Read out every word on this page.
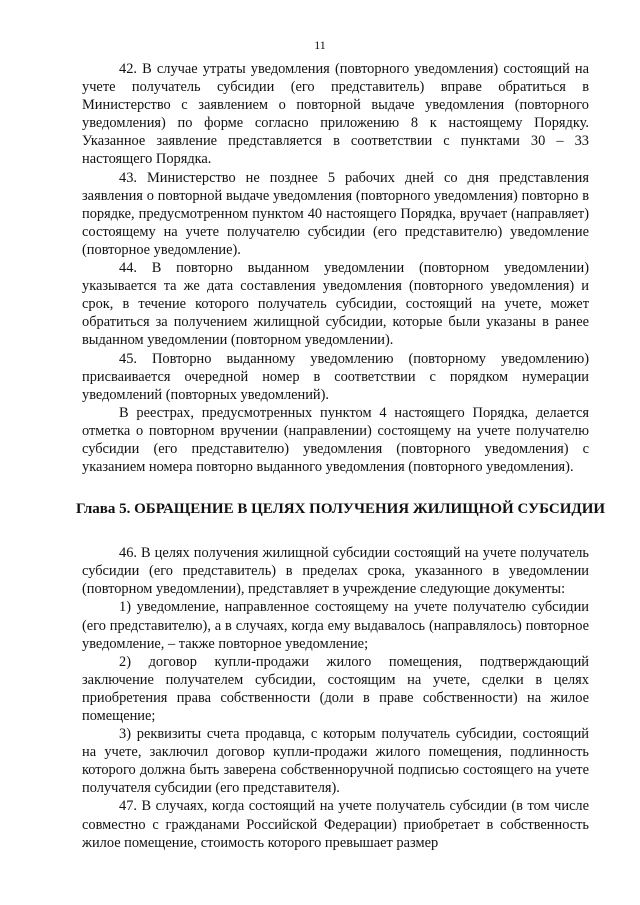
11

42. В случае утраты уведомления (повторного уведомления) состоящий на учете получатель субсидии (его представитель) вправе обратиться в Министерство с заявлением о повторной выдаче уведомления (повторного уведомления) по форме согласно приложению 8 к настоящему Порядку. Указанное заявление представляется в соответствии с пунктами 30 – 33 настоящего Порядка.

43. Министерство не позднее 5 рабочих дней со дня представления заявления о повторной выдаче уведомления (повторного уведомления) повторно в порядке, предусмотренном пунктом 40 настоящего Порядка, вручает (направляет) состоящему на учете получателю субсидии (его представителю) уведомление (повторное уведомление).

44. В повторно выданном уведомлении (повторном уведомлении) указывается та же дата составления уведомления (повторного уведомления) и срок, в течение которого получатель субсидии, состоящий на учете, может обратиться за получением жилищной субсидии, которые были указаны в ранее выданном уведомлении (повторном уведомлении).

45. Повторно выданному уведомлению (повторному уведомлению) присваивается очередной номер в соответствии с порядком нумерации уведомлений (повторных уведомлений).

В реестрах, предусмотренных пунктом 4 настоящего Порядка, делается отметка о повторном вручении (направлении) состоящему на учете получателю субсидии (его представителю) уведомления (повторного уведомления) с указанием номера повторно выданного уведомления (повторного уведомления).

Глава 5. ОБРАЩЕНИЕ В ЦЕЛЯХ ПОЛУЧЕНИЯ ЖИЛИЩНОЙ СУБСИДИИ

46. В целях получения жилищной субсидии состоящий на учете получатель субсидии (его представитель) в пределах срока, указанного в уведомлении (повторном уведомлении), представляет в учреждение следующие документы:

1) уведомление, направленное состоящему на учете получателю субсидии (его представителю), а в случаях, когда ему выдавалось (направлялось) повторное уведомление, – также повторное уведомление;

2) договор купли-продажи жилого помещения, подтверждающий заключение получателем субсидии, состоящим на учете, сделки в целях приобретения права собственности (доли в праве собственности) на жилое помещение;

3) реквизиты счета продавца, с которым получатель субсидии, состоящий на учете, заключил договор купли-продажи жилого помещения, подлинность которого должна быть заверена собственноручной подписью состоящего на учете получателя субсидии (его представителя).

47. В случаях, когда состоящий на учете получатель субсидии (в том числе совместно с гражданами Российской Федерации) приобретает в собственность жилое помещение, стоимость которого превышает размер
